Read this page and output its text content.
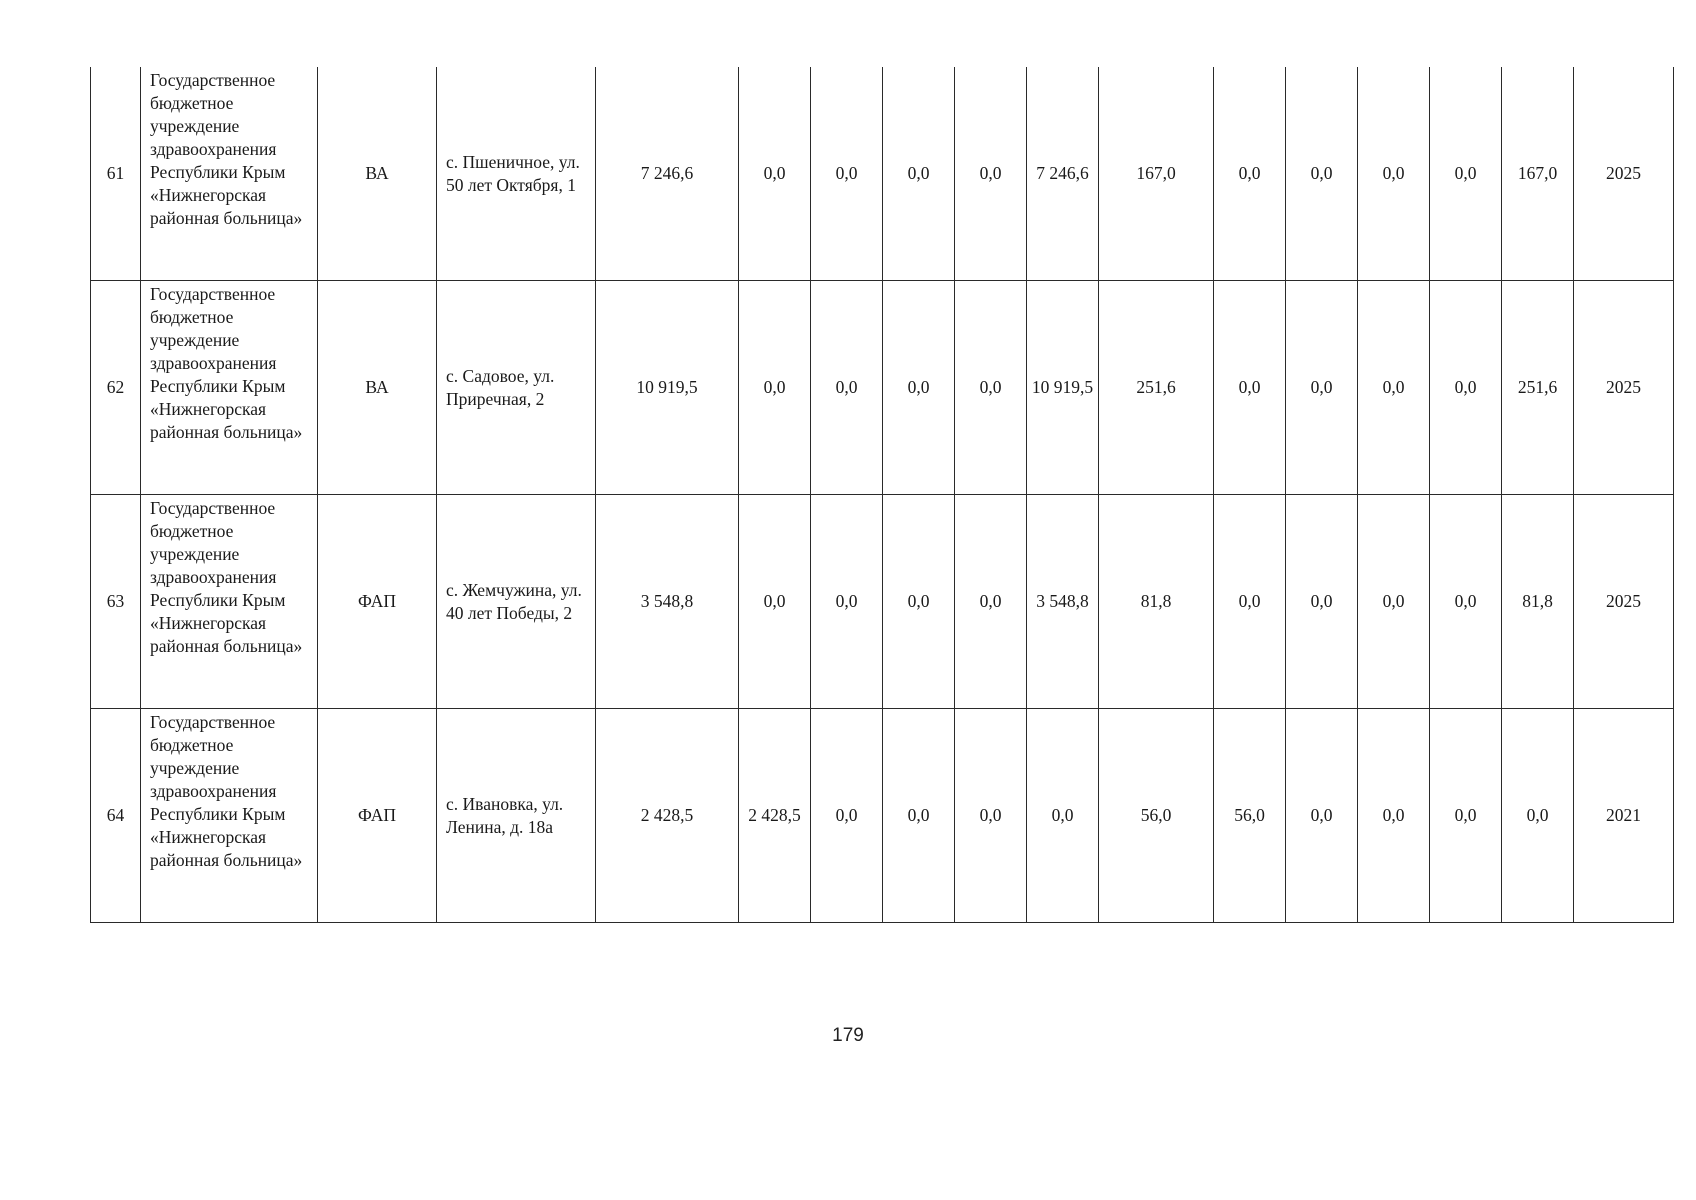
61	Государственное бюджетное учреждение здравоохранения Республики Крым «Нижнегорская районная больница»	ВА	с. Пшеничное, ул. 50 лет Октября, 1	7 246,6	0,0	0,0	0,0	0,0	7 246,6	167,0	0,0	0,0	0,0	0,0	167,0	2025
62	Государственное бюджетное учреждение здравоохранения Республики Крым «Нижнегорская районная больница»	ВА	с. Садовое, ул. Приречная, 2	10 919,5	0,0	0,0	0,0	0,0	10 919,5	251,6	0,0	0,0	0,0	0,0	251,6	2025
63	Государственное бюджетное учреждение здравоохранения Республики Крым «Нижнегорская районная больница»	ФАП	с. Жемчужина, ул. 40 лет Победы, 2	3 548,8	0,0	0,0	0,0	0,0	3 548,8	81,8	0,0	0,0	0,0	0,0	81,8	2025
64	Государственное бюджетное учреждение здравоохранения Республики Крым «Нижнегорская районная больница»	ФАП	с. Ивановка, ул. Ленина, д. 18а	2 428,5	2 428,5	0,0	0,0	0,0	0,0	56,0	56,0	0,0	0,0	0,0	0,0	2021
179
